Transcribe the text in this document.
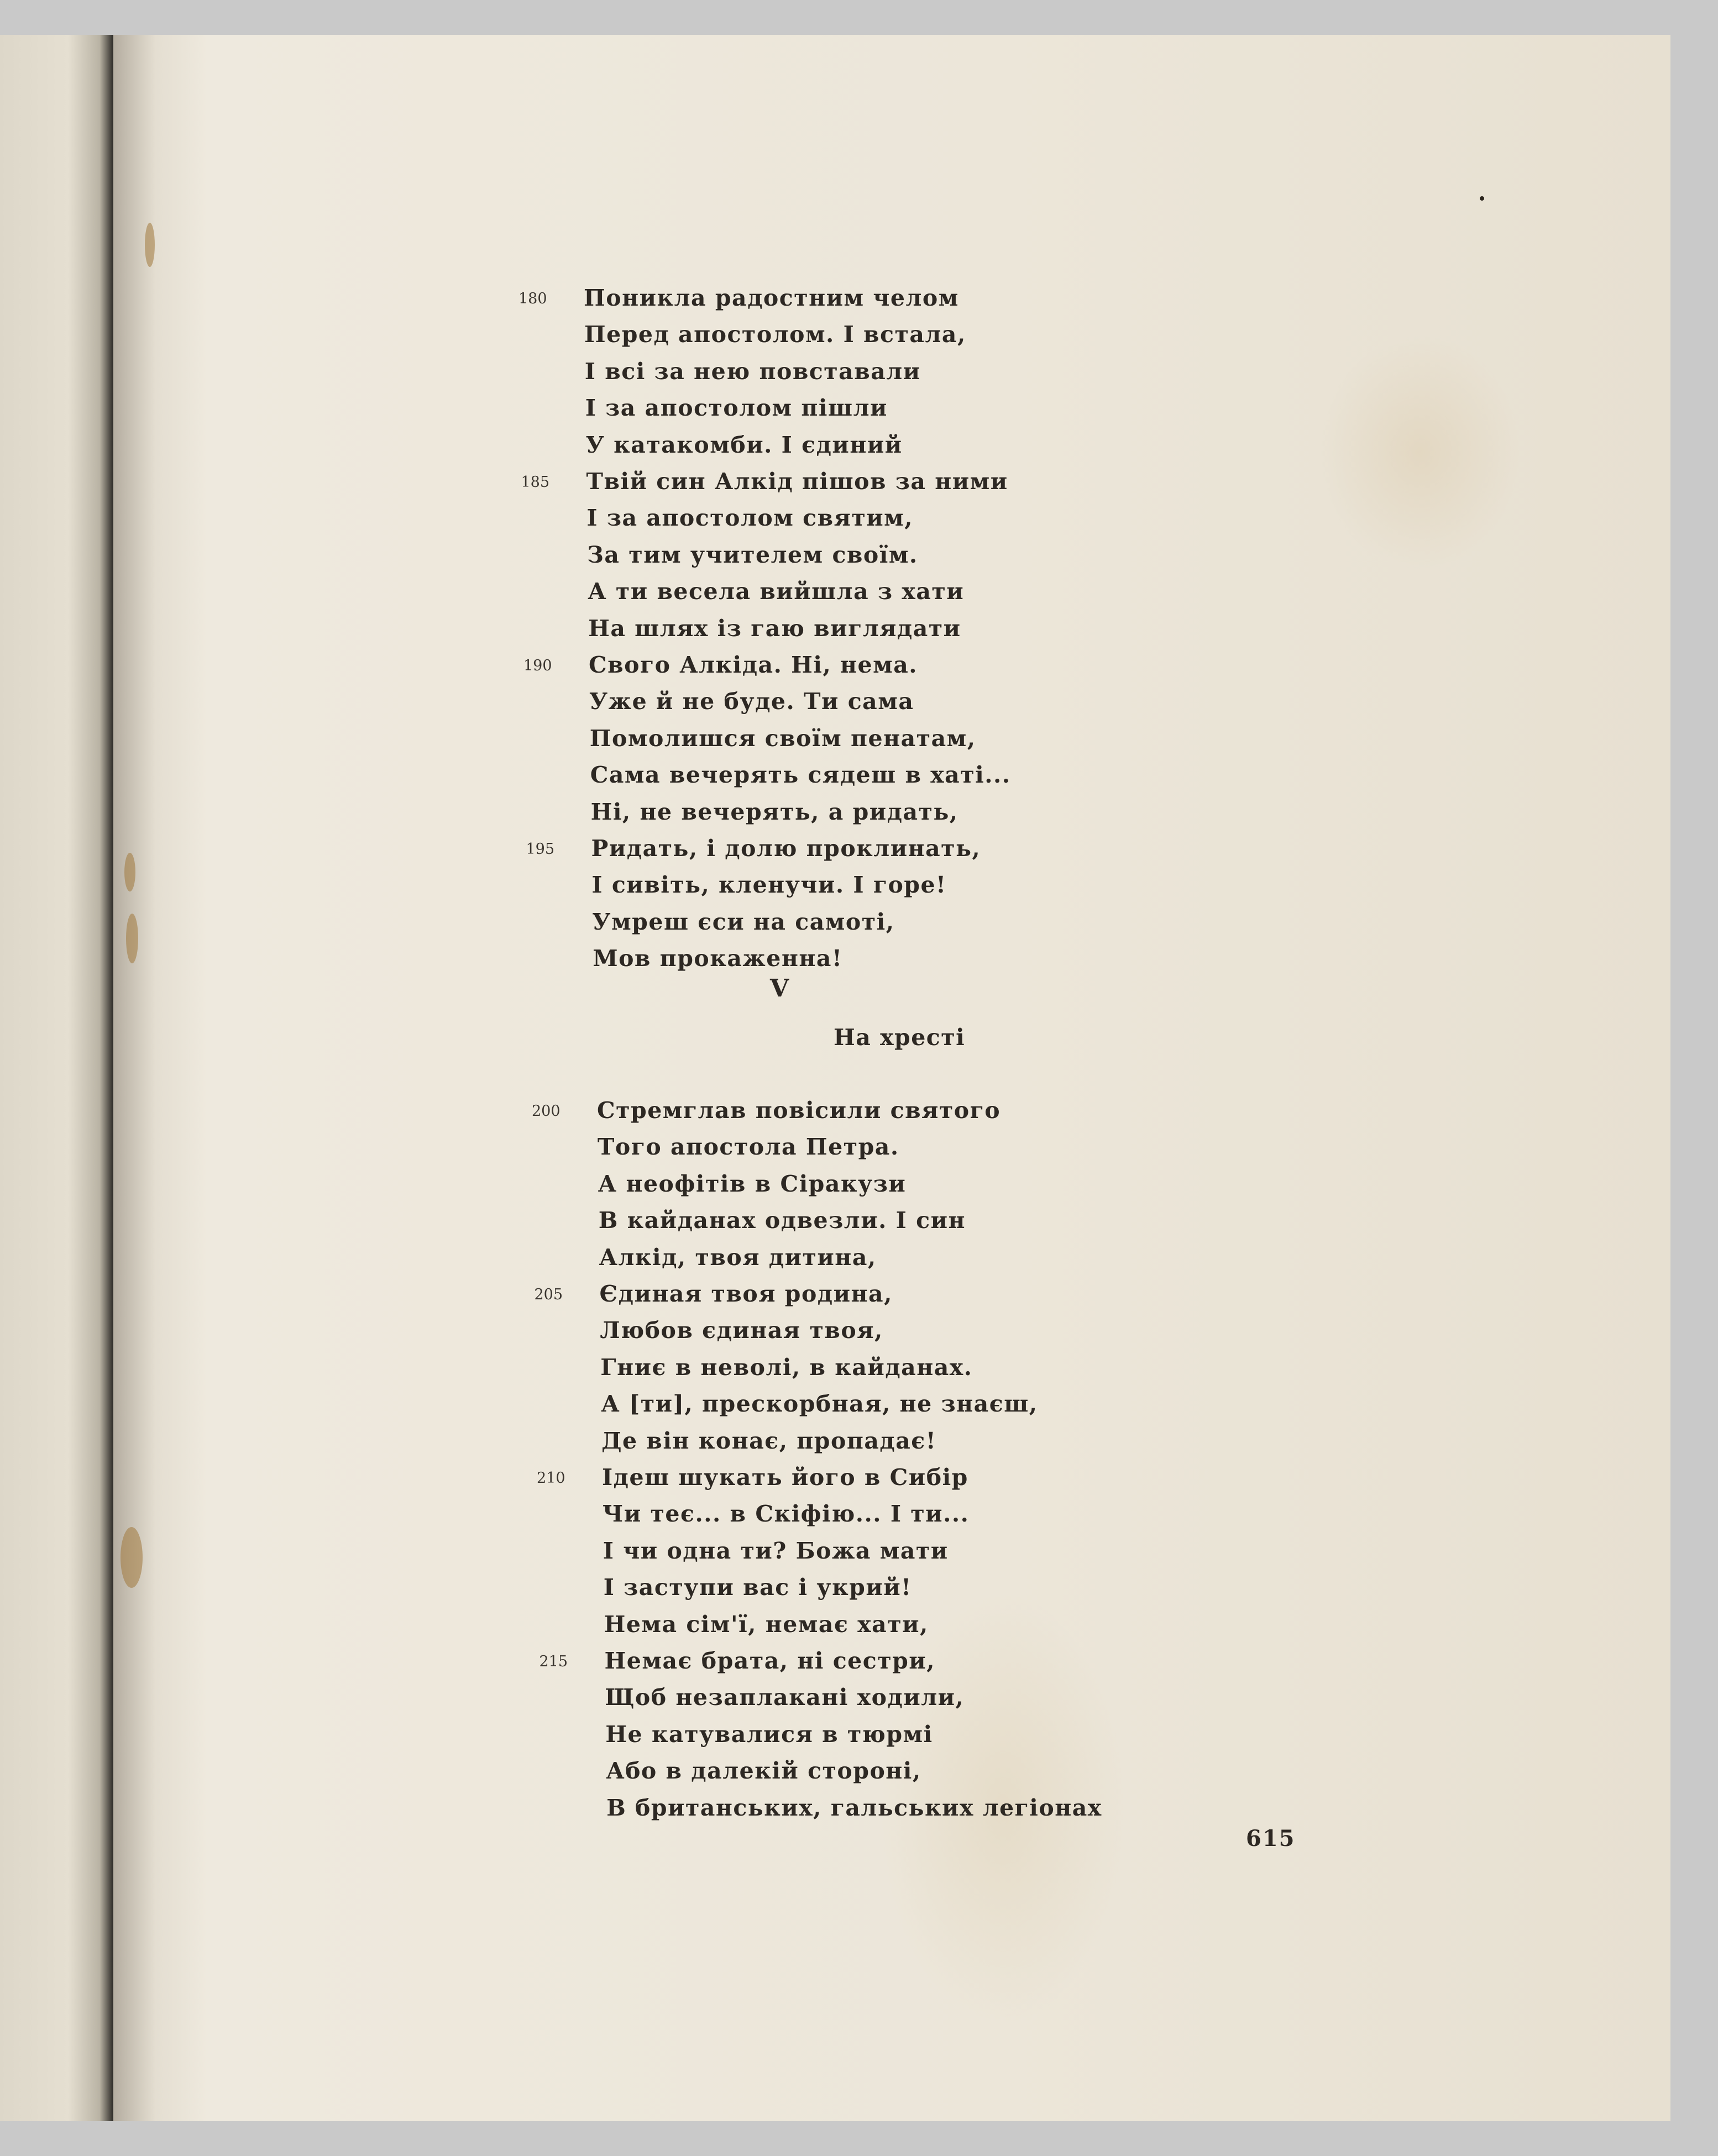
Поникла радостним челом
180
Перед апостолом. І встала,
І всі за нею повставали
І за апостолом пішли
У катакомби. І єдиний
Твій син Алкід пішов за ними
185
І за апостолом святим,
За тим учителем своїм.
А ти весела вийшла з хати
На шлях із гаю виглядати
Свого Алкіда. Ні, нема.
190
Уже й не буде. Ти сама
Помолишся своїм пенатам,
Сама вечерять сядеш в хаті...
Ні, не вечерять, а ридать,
Ридать, і долю проклинать,
195
І сивіть, кленучи. І горе!
Умреш єси на самоті,
Мов прокаженна!
V
На хресті
Стремглав повісили святого
200
Того апостола Петра.
А неофітів в Сіракузи
В кайданах одвезли. І син
Алкід, твоя дитина,
Єдиная твоя родина,
205
Любов єдиная твоя,
Гниє в неволі, в кайданах.
А [ти], прескорбная, не знаєш,
Де він конає, пропадає!
Ідеш шукать його в Сибір
210
Чи теє... в Скіфію... І ти...
І чи одна ти? Божа мати
І заступи вас і укрий!
Нема сім'ї, немає хати,
Немає брата, ні сестри,
215
Щоб незаплакані ходили,
Не катувалися в тюрмі
Або в далекій стороні,
В британських, гальських легіонах
615
